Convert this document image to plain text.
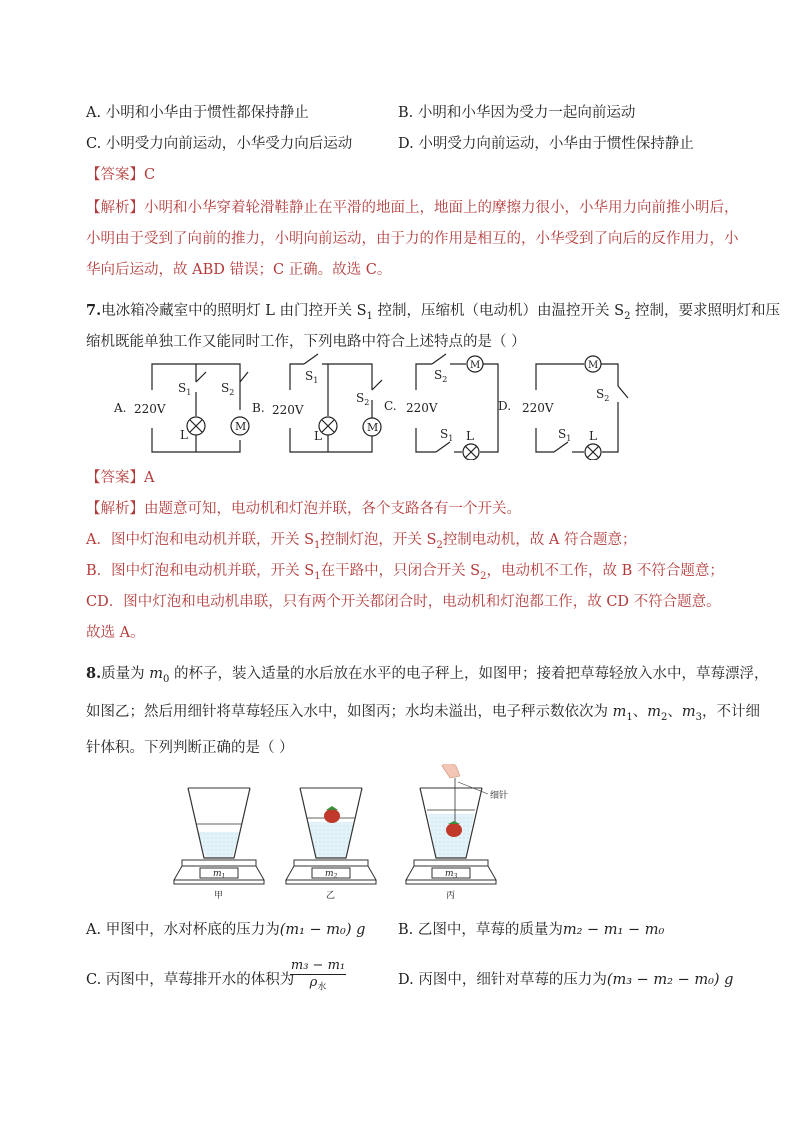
A. 小明和小华由于惯性都保持静止	B. 小明和小华因为受力一起向前运动
C. 小明受力向前运动，小华受力向后运动	D. 小明受力向前运动，小华由于惯性保持静止
【答案】C
【解析】小明和小华穿着轮滑鞋静止在平滑的地面上，地面上的摩擦力很小，小华用力向前推小明后，
小明由于受到了向前的推力，小明向前运动，由于力的作用是相互的，小华受到了向后的反作用力，小
华向后运动，故 ABD 错误；C 正确。故选 C。
7.电冰箱冷藏室中的照明灯 L 由门控开关 $S_1$ 控制，压缩机（电动机）由温控开关 $S_2$ 控制，要求照明灯和压
缩机既能单独工作又能同时工作，下列电路中符合上述特点的是（ ）
A. 220V
$S_1$ $S_2$
L
M
B. 220V
$S_1$
$S_2$
L
M
C. 220V
$S_2$
M
$S_1$ L
D. 220V
M
$S_2$
$S_1$ L
【答案】A
【解析】由题意可知，电动机和灯泡并联，各个支路各有一个开关。
A．图中灯泡和电动机并联，开关 $S_1$控制灯泡，开关 $S_2$控制电动机，故 A 符合题意；
B．图中灯泡和电动机并联，开关 $S_1$在干路中，只闭合开关 $S_2$，电动机不工作，故 B 不符合题意；
CD．图中灯泡和电动机串联，只有两个开关都闭合时，电动机和灯泡都工作，故 CD 不符合题意。
故选 A。
8.质量为 $m_0$ 的杯子，装入适量的水后放在水平的电子秤上，如图甲；接着把草莓轻放入水中，草莓漂浮，
如图乙；然后用细针将草莓轻压入水中，如图丙；水均未溢出，电子秤示数依次为 $m_1$、$m_2$、$m_3$，不计细
针体积。下列判断正确的是（ ）
$m_1$	$m_2$	$m_3$
甲	乙	丙
细针
A. 甲图中，水对杯底的压力为(m₁ − m₀) g B. 乙图中，草莓的质量为m₂ − m₁ − m₀
C. 丙图中，草莓排开水的体积为
m₃ − m₁
$\rho_水$	D. 丙图中，细针对草莓的压力为(m₃ − m₂ − m₀) g
